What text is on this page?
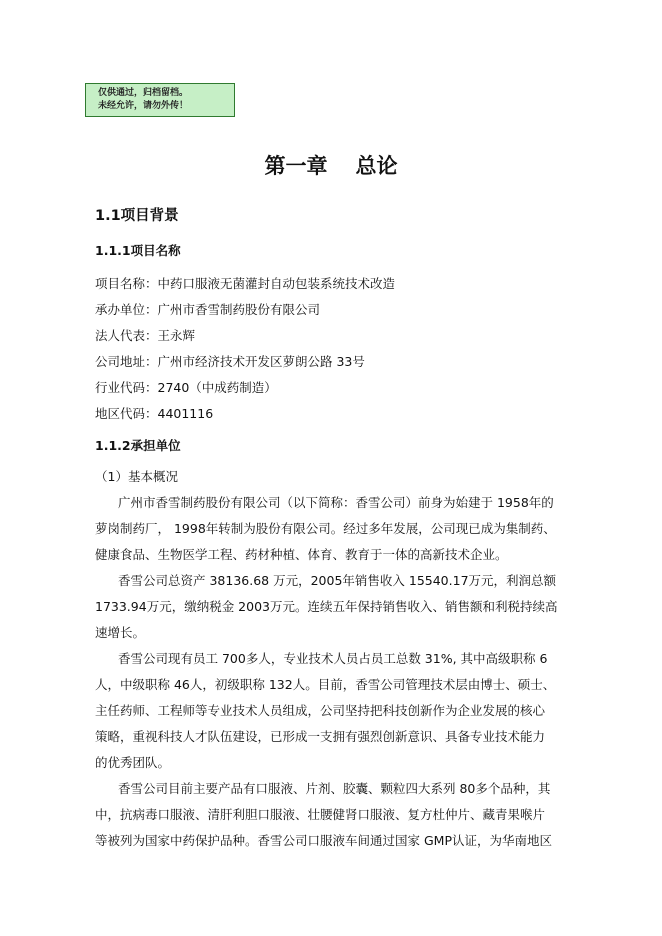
仅供通过，归档留档。
未经允许，请勿外传！
第一章 总论
1.1项目背景
1.1.1项目名称
项目名称：中药口服液无菌灌封自动包装系统技术改造
承办单位：广州市香雪制药股份有限公司
法人代表：王永辉
公司地址：广州市经济技术开发区萝朗公路 33号
行业代码：2740（中成药制造）
地区代码：4401116
1.1.2承担单位
（1）基本概况
广州市香雪制药股份有限公司（以下简称：香雪公司）前身为始建于 1958年的
萝岗制药厂， 1998年转制为股份有限公司。经过多年发展，公司现已成为集制药、
健康食品、生物医学工程、药材种植、体育、教育于一体的高新技术企业。
香雪公司总资产 38136.68 万元，2005年销售收入 15540.17万元，利润总额
1733.94万元，缴纳税金 2003万元。连续五年保持销售收入、销售额和利税持续高
速增长。
香雪公司现有员工 700多人，专业技术人员占员工总数 31%, 其中高级职称 6
人，中级职称 46人，初级职称 132人。目前，香雪公司管理技术层由博士、硕士、
主任药师、工程师等专业技术人员组成，公司坚持把科技创新作为企业发展的核心
策略，重视科技人才队伍建设，已形成一支拥有强烈创新意识、具备专业技术能力
的优秀团队。
香雪公司目前主要产品有口服液、片剂、胶囊、颗粒四大系列 80多个品种，其
中，抗病毒口服液、清肝利胆口服液、壮腰健肾口服液、复方杜仲片、藏青果喉片
等被列为国家中药保护品种。香雪公司口服液车间通过国家 GMP认证，为华南地区
